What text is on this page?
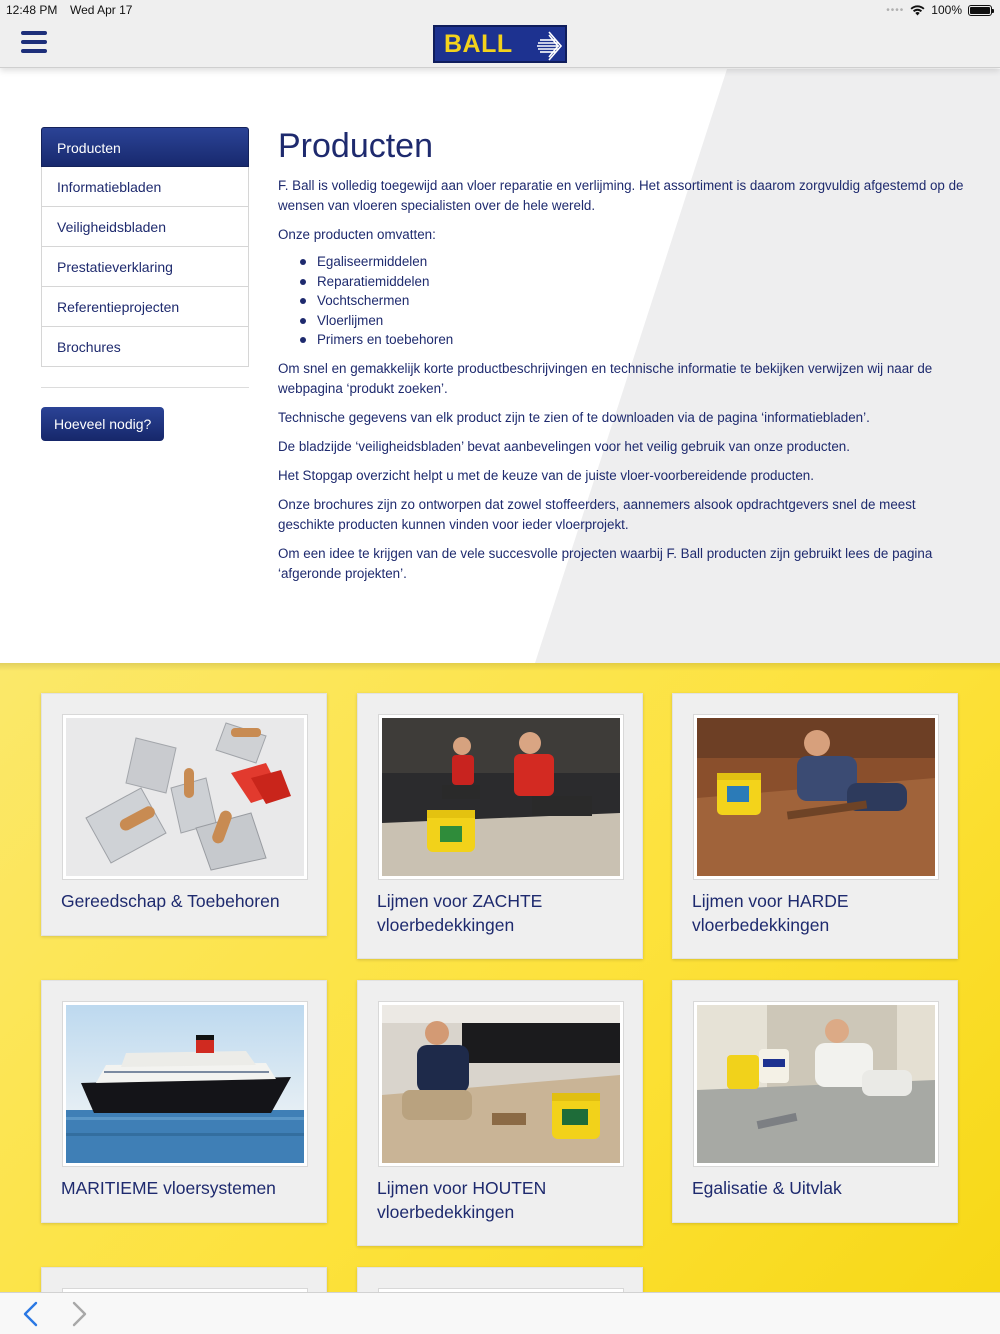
12:48 PM Wed Apr 17	•••• 100%
BALL
Producten
Informatiebladen
Veiligheidsbladen
Prestatieverklaring
Referentieprojecten
Brochures
Hoeveel nodig?
Producten

F. Ball is volledig toegewijd aan vloer reparatie en verlijming. Het assortiment is daarom zorgvuldig afgestemd op de wensen van vloeren specialisten over de hele wereld.

Onze producten omvatten:

Egaliseermiddelen
Reparatiemiddelen
Vochtschermen
Vloerlijmen
Primers en toebehoren

Om snel en gemakkelijk korte productbeschrijvingen en technische informatie te bekijken verwijzen wij naar de webpagina ‘produkt zoeken’.

Technische gegevens van elk product zijn te zien of te downloaden via de pagina ‘informatiebladen’.

De bladzijde ‘veiligheidsbladen’ bevat aanbevelingen voor het veilig gebruik van onze producten.

Het Stopgap overzicht helpt u met de keuze van de juiste vloer-voorbereidende producten.

Onze brochures zijn zo ontworpen dat zowel stoffeerders, aannemers alsook opdrachtgevers snel de meest geschikte producten kunnen vinden voor ieder vloerprojekt.

Om een idee te krijgen van de vele succesvolle projecten waarbij F. Ball producten zijn gebruikt lees de pagina ‘afgeronde projekten’.

Gereedschap & Toebehoren	Lijmen voor ZACHTE vloerbedekkingen
Lijmen voor HARDE vloerbedekkingen
MARITIEME vloersystemen	Lijmen voor HOUTEN vloerbedekkingen
Egalisatie & Uitvlak
